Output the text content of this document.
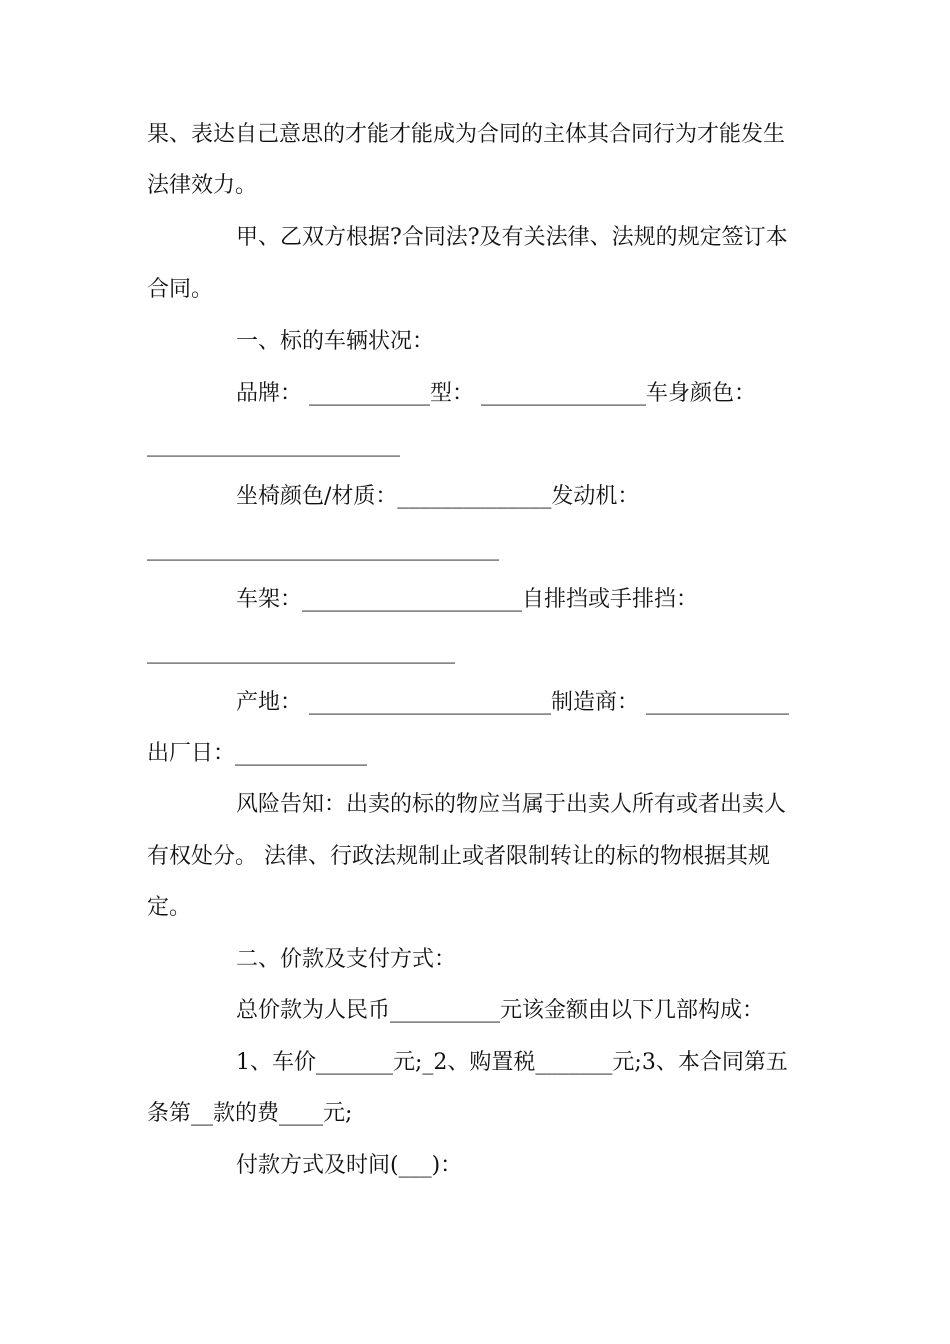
果、表达自己意思的才能才能成为合同的主体其合同行为才能发生
法律效力。
甲、乙双方根据?合同法?及有关法律、法规的规定签订本
合同。
一、标的车辆状况：
品牌： ___________型： _______________车身颜色：
_______________________
坐椅颜色/材质：______________发动机：
________________________________
车架：____________________自排挡或手排挡：
____________________________
产地： ______________________制造商： _____________
出厂日：____________
风险告知：出卖的标的物应当属于出卖人所有或者出卖人
有权处分。 法律、行政法规制止或者限制转让的标的物根据其规
定。
二、价款及支付方式：
总价款为人民币__________元该金额由以下几部构成：
1、车价_______元;_2、购置税_______元;3、本合同第五
条第__款的费____元;
付款方式及时间(___)：
